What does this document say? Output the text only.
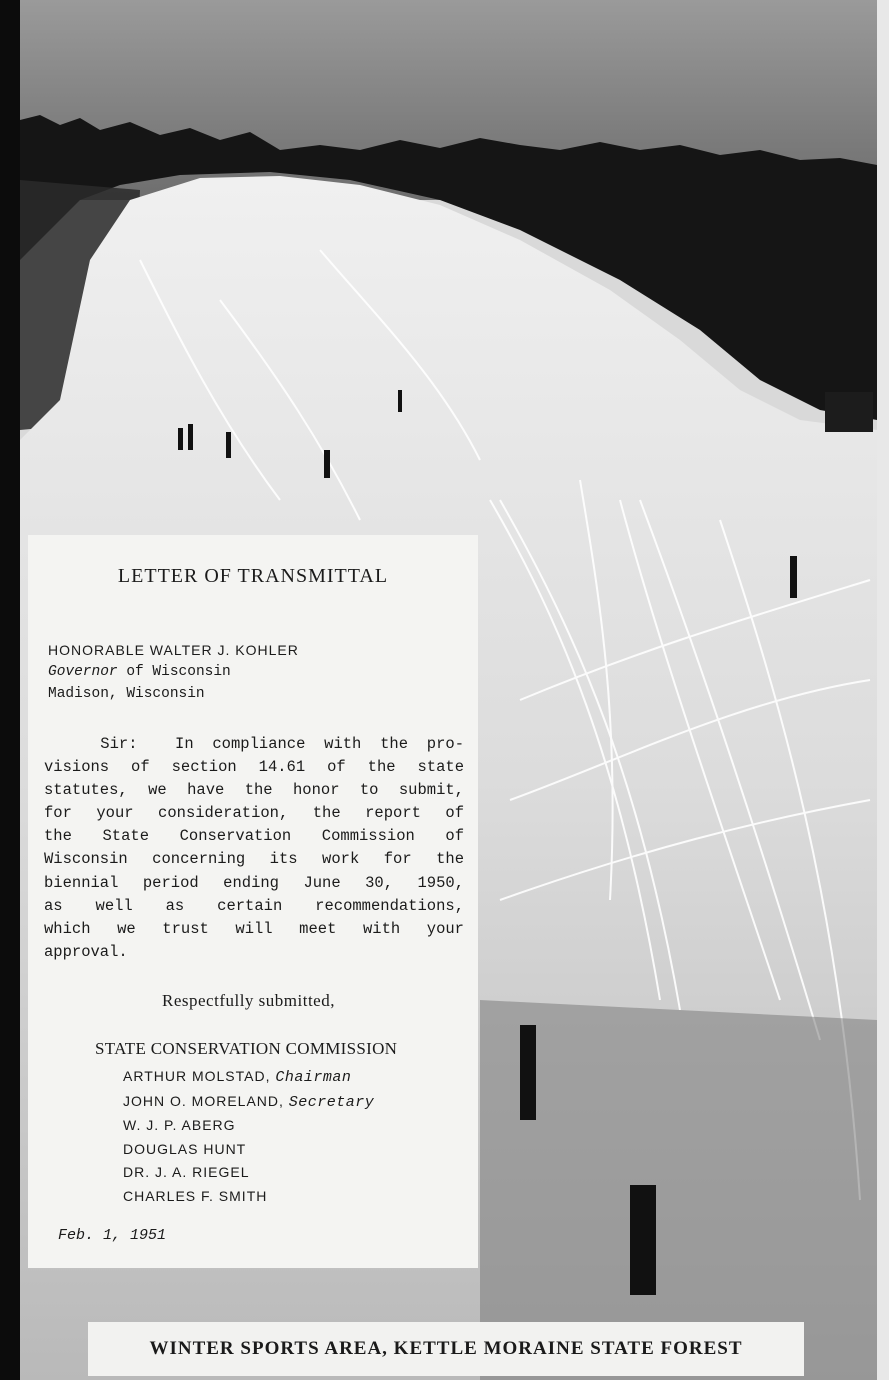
LETTER OF TRANSMITTAL
HONORABLE WALTER J. KOHLER
Governor of Wisconsin
Madison, Wisconsin
Sir:  In compliance with the pro-
visions of section 14.61 of the state
statutes, we have the honor to submit,
for your consideration, the report of
the State Conservation Commission of
Wisconsin concerning its work for the
biennial period ending June 30, 1950,
as well as certain recommendations,
which we trust will meet with your
approval.
Respectfully submitted,
STATE CONSERVATION COMMISSION
ARTHUR MOLSTAD, Chairman
JOHN O. MORELAND, Secretary
W. J. P. ABERG
DOUGLAS HUNT
DR. J. A. RIEGEL
CHARLES F. SMITH
Feb. 1, 1951
WINTER SPORTS AREA, KETTLE MORAINE STATE FOREST
